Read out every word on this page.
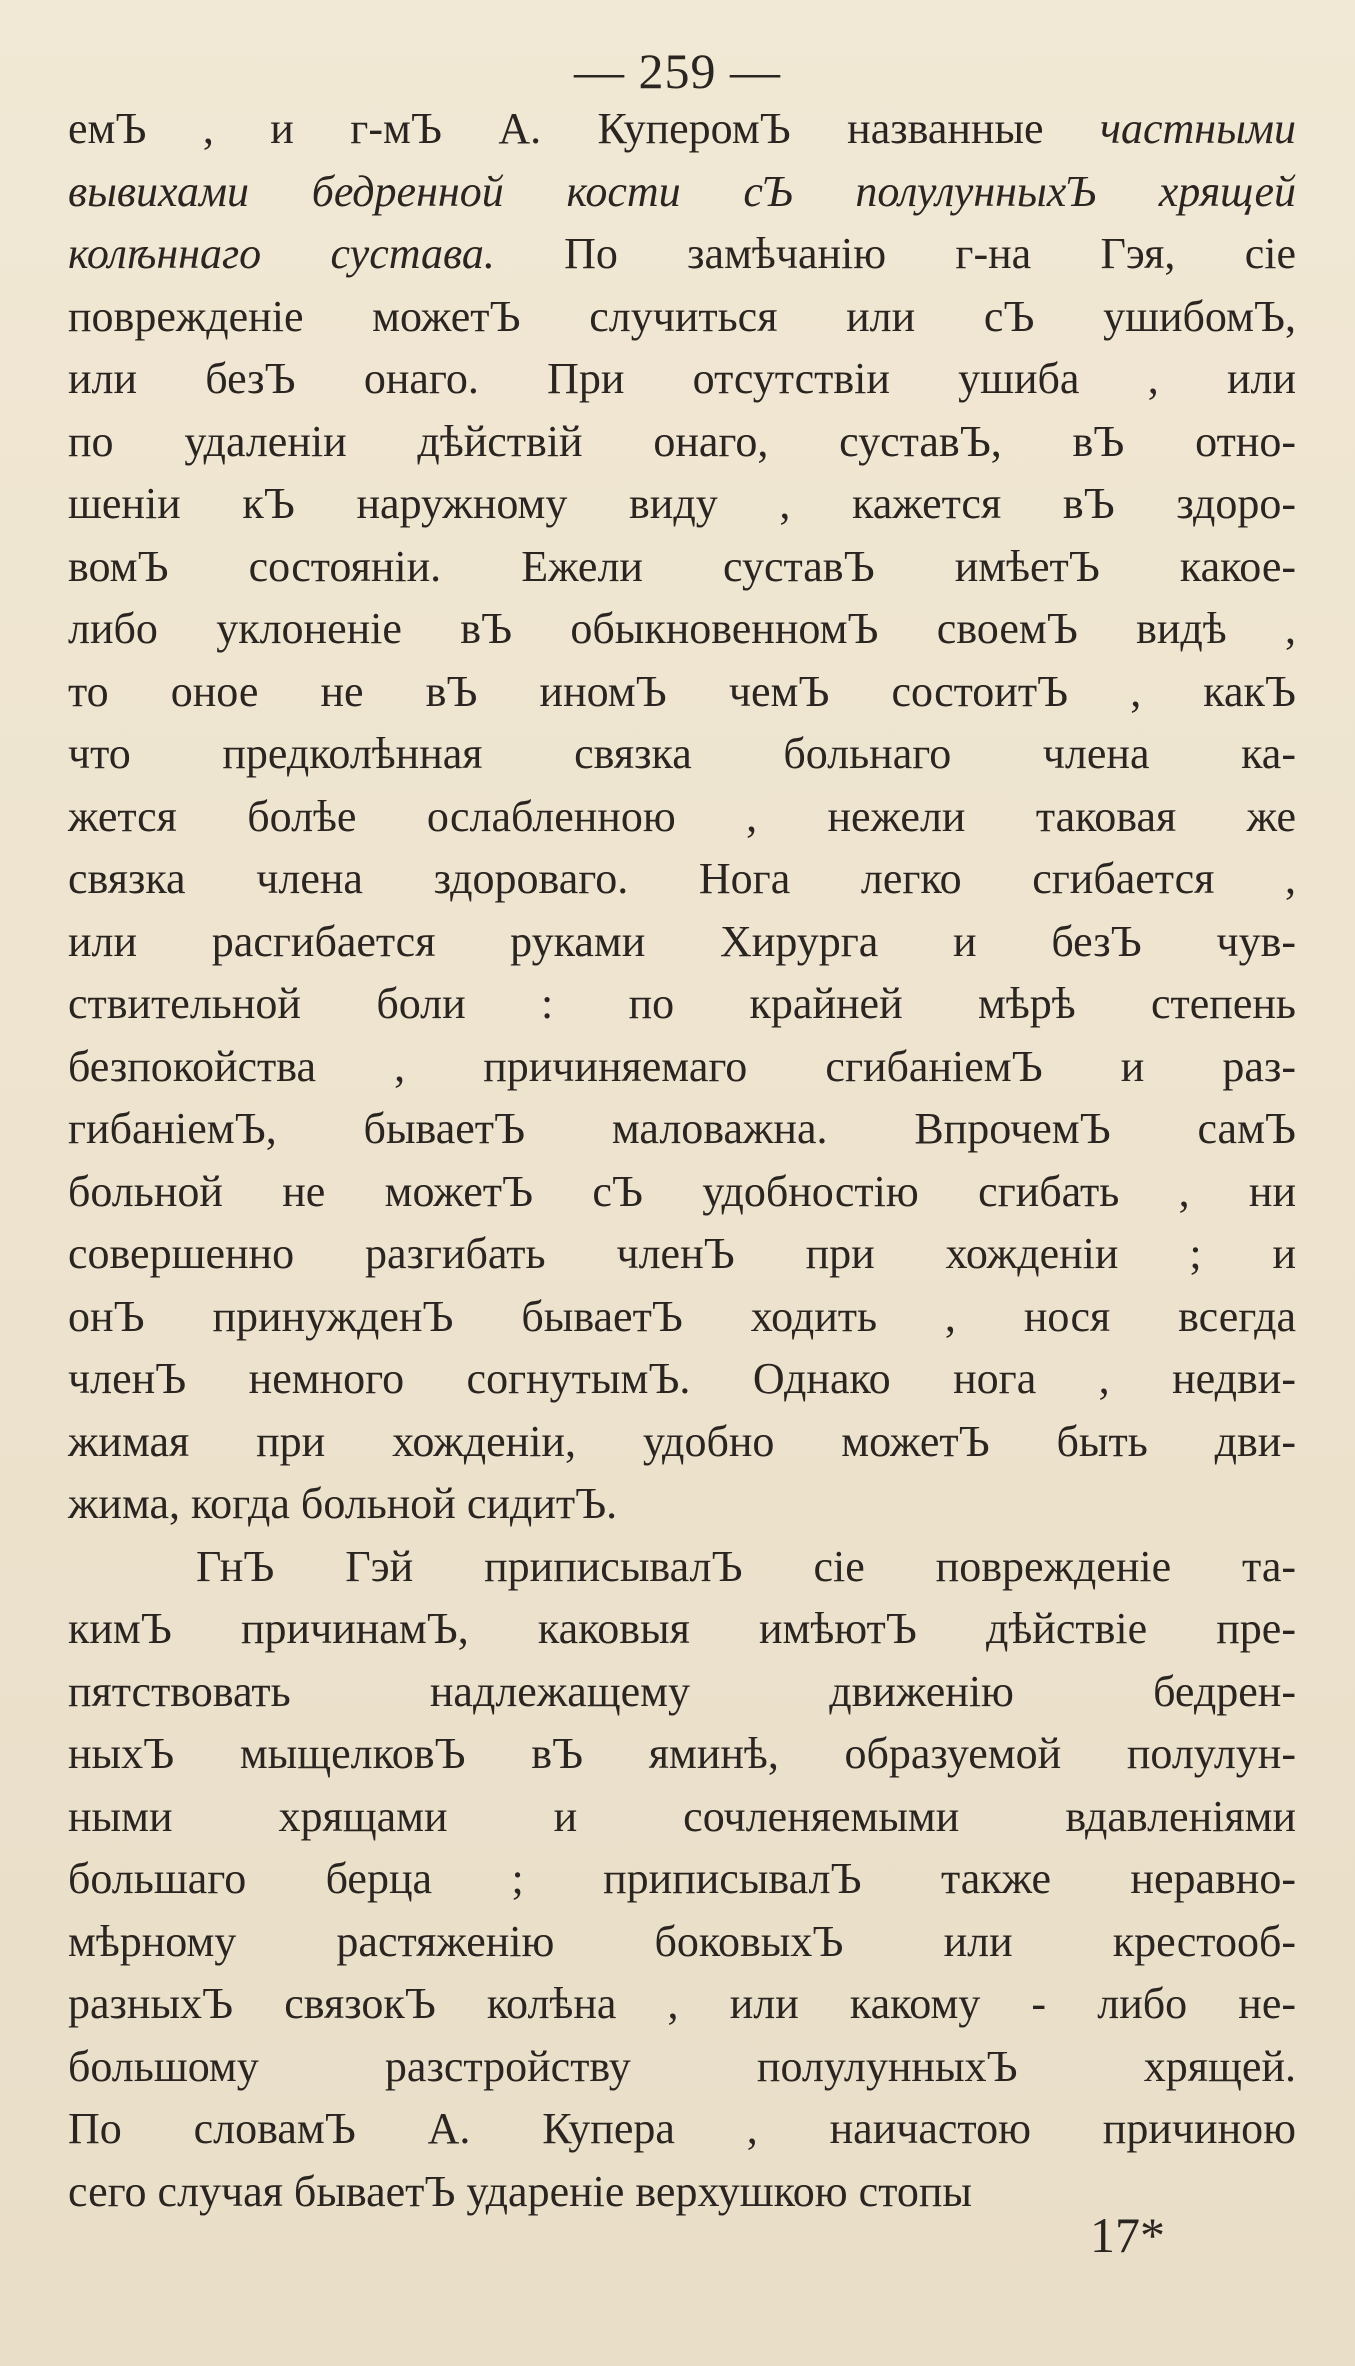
— 259 —
емЪ , и г-мЪ А. КуперомЪ названные частными
вывихами бедренной кости сЪ полулунныхЪ хрящей
колѣннаго сустава. По замѣчанію г-на Гэя, сіе
поврежденіе можетЪ случиться или сЪ ушибомЪ,
или безЪ онаго. При отсутствіи ушиба , или
по удаленіи дѣйствій онаго, суставЪ, вЪ отно-
шеніи кЪ наружному виду , кажется вЪ здоро-
вомЪ состояніи. Ежели суставЪ имѣетЪ какое-
либо уклоненіе вЪ обыкновенномЪ своемЪ видѣ ,
то оное не вЪ иномЪ чемЪ состоитЪ , какЪ
что предколѣнная связка больнаго члена ка-
жется болѣе ослабленною , нежели таковая же
связка члена здороваго. Нога легко сгибается ,
или расгибается руками Хирурга и безЪ чув-
ствительной боли : по крайней мѣрѣ степень
безпокойства , причиняемаго сгибаніемЪ и раз-
гибаніемЪ, бываетЪ маловажна. ВпрочемЪ самЪ
больной не можетЪ сЪ удобностію сгибать , ни
совершенно разгибать членЪ при хожденіи ; и
онЪ принужденЪ бываетЪ ходить , нося всегда
членЪ немного согнутымЪ. Однако нога , недви-
жимая при хожденіи, удобно можетЪ быть дви-
жима, когда больной сидитЪ.
ГнЪ Гэй приписывалЪ сіе поврежденіе та-
кимЪ причинамЪ, каковыя имѣютЪ дѣйствіе пре-
пятствовать надлежащему движенію бедрен-
ныхЪ мыщелковЪ вЪ яминѣ, образуемой полулун-
ными хрящами и сочленяемыми вдавленіями
большаго берца ; приписывалЪ также неравно-
мѣрному растяженію боковыхЪ или крестооб-
разныхЪ связокЪ колѣна , или какому - либо не-
большому разстройству полулунныхЪ хрящей.
По словамЪ А. Купера , наичастою причиною
сего случая бываетЪ удареніе верхушкою стопы
17*
